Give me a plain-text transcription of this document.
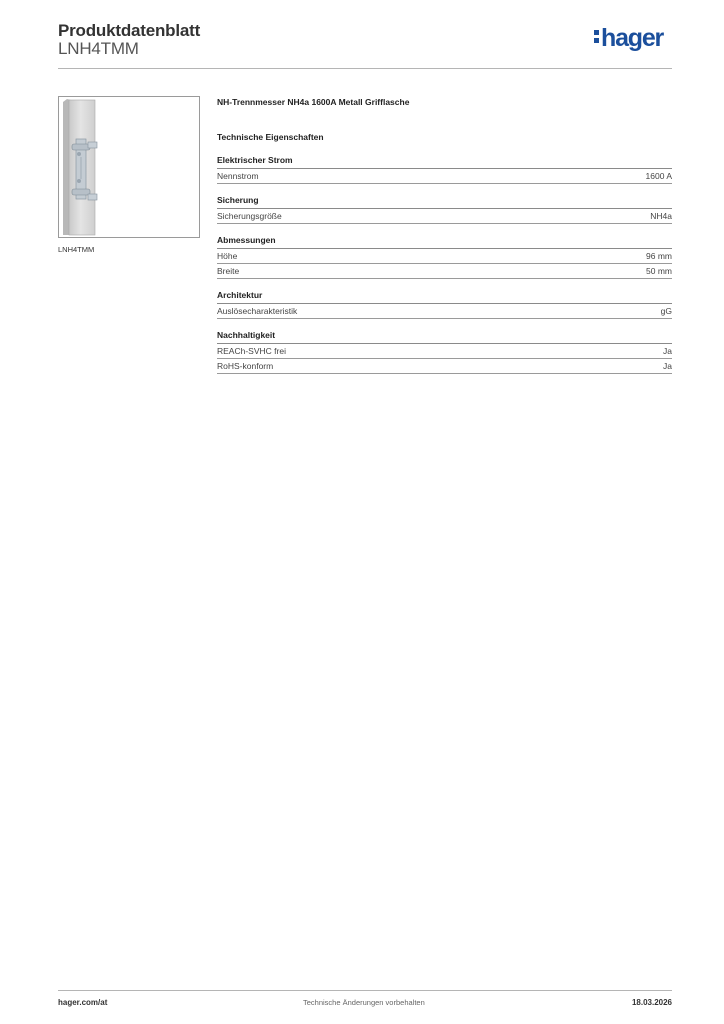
Produktdatenblatt
LNH4TMM	hager
LNH4TMM
NH-Trennmesser NH4a 1600A Metall Grifflasche
Technische Eigenschaften
Elektrischer Strom
Nennstrom	1600 A
Sicherung
Sicherungsgröße	NH4a
Abmessungen
Höhe	96 mm
Breite	50 mm
Architektur
Auslösecharakteristik	gG
Nachhaltigkeit
REACh-SVHC frei	Ja
RoHS-konform	Ja
hager.com/at	Technische Änderungen vorbehalten	18.03.2026
